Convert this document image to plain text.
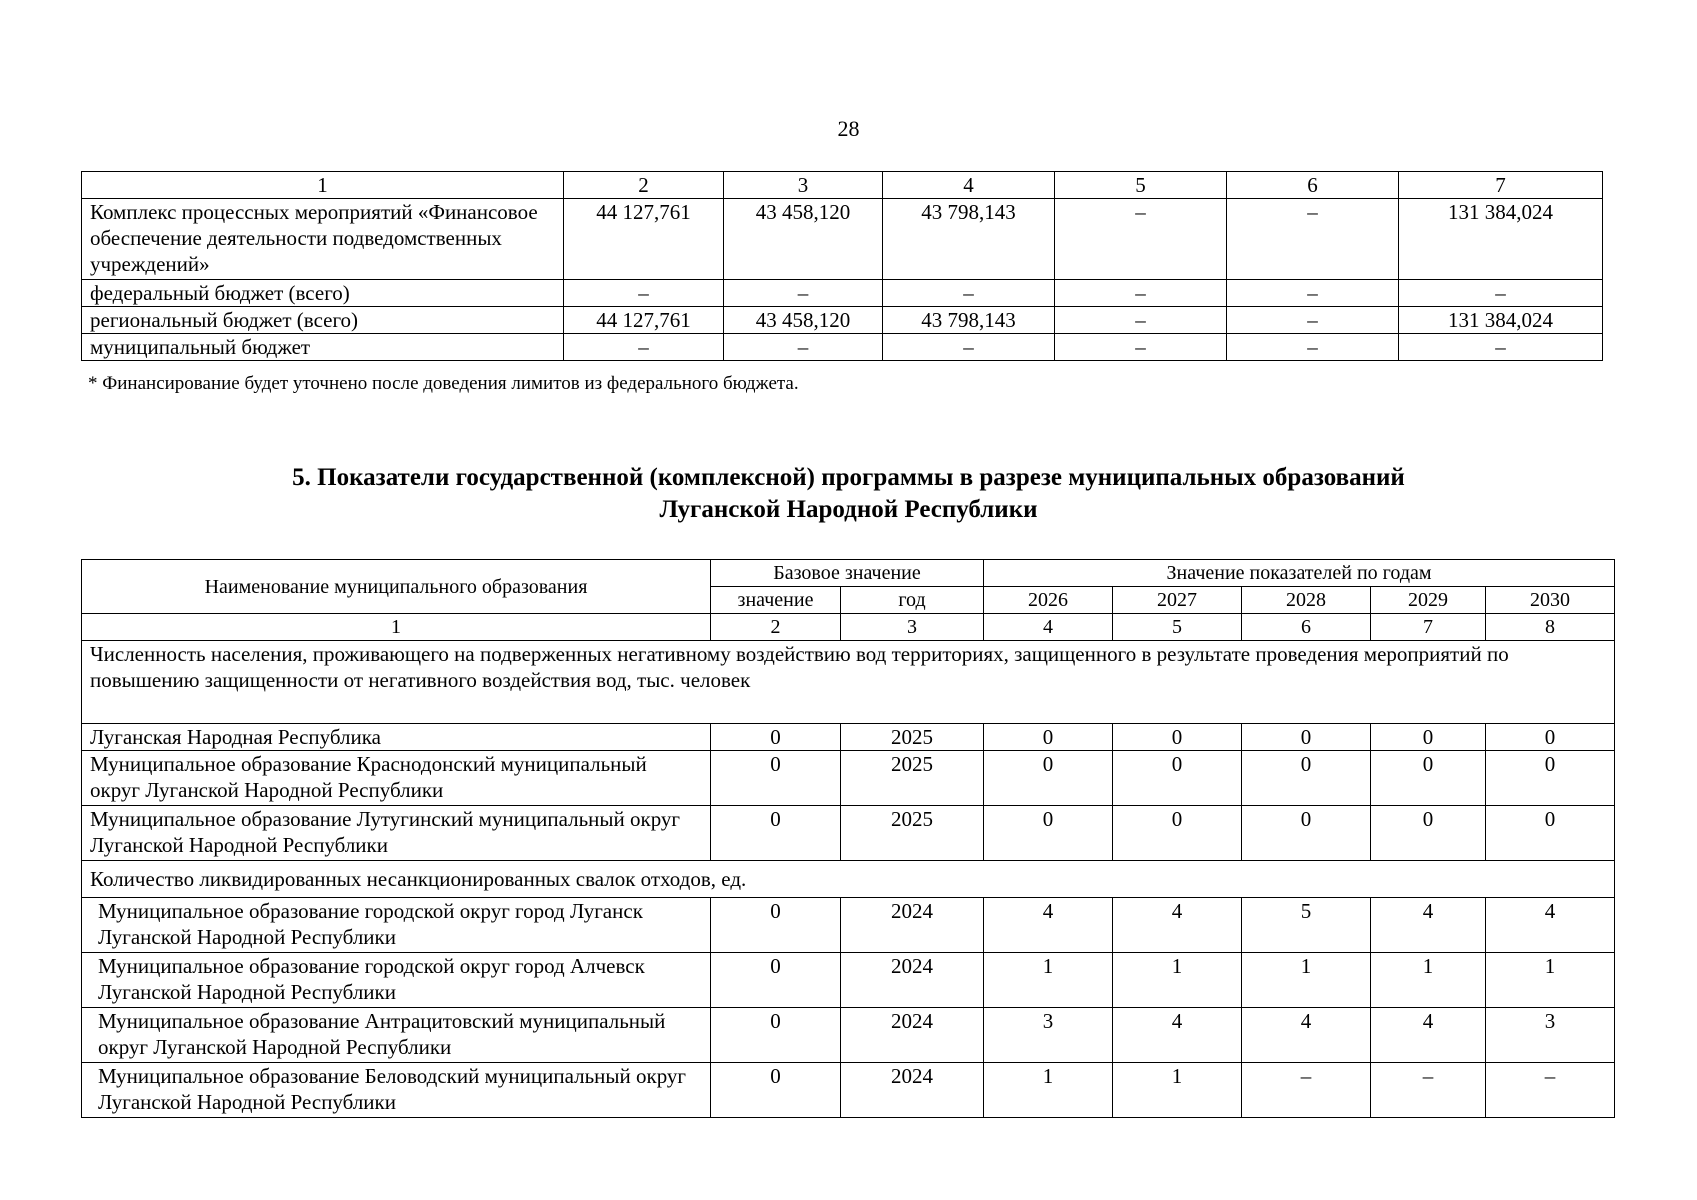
28
1	2	3	4	5	6	7
Комплекс процессных мероприятий «Финансовое обеспечение деятельности подведомственных учреждений»	44 127,761	43 458,120	43 798,143	–	–	131 384,024
федеральный бюджет (всего)	–	–	–	–	–	–
региональный бюджет (всего)	44 127,761	43 458,120	43 798,143	–	–	131 384,024
муниципальный бюджет	–	–	–	–	–	–
* Финансирование будет уточнено после доведения лимитов из федерального бюджета.
5. Показатели государственной (комплексной) программы в разрезе муниципальных образований
Луганской Народной Республики
Наименование муниципального образования	Базовое значение		Значение показателей по годам				
	значение	год	2026	2027	2028	2029	2030
1	2	3	4	5	6	7	8
Численность населения, проживающего на подверженных негативному воздействию вод территориях, защищенного в результате проведения мероприятий по повышению защищенности от негативного воздействия вод, тыс. человек							
Луганская Народная Республика	0	2025	0	0	0	0	0
Муниципальное образование Краснодонский муниципальный округ Луганской Народной Республики	0	2025	0	0	0	0	0
Муниципальное образование Лутугинский муниципальный округ Луганской Народной Республики	0	2025	0	0	0	0	0
Количество ликвидированных несанкционированных свалок отходов, ед.							
Муниципальное образование городской округ город Луганск Луганской Народной Республики	0	2024	4	4	5	4	4
Муниципальное образование городской округ город Алчевск Луганской Народной Республики	0	2024	1	1	1	1	1
Муниципальное образование Антрацитовский муниципальный округ Луганской Народной Республики	0	2024	3	4	4	4	3
Муниципальное образование Беловодский муниципальный округ Луганской Народной Республики	0	2024	1	1	–	–	–
